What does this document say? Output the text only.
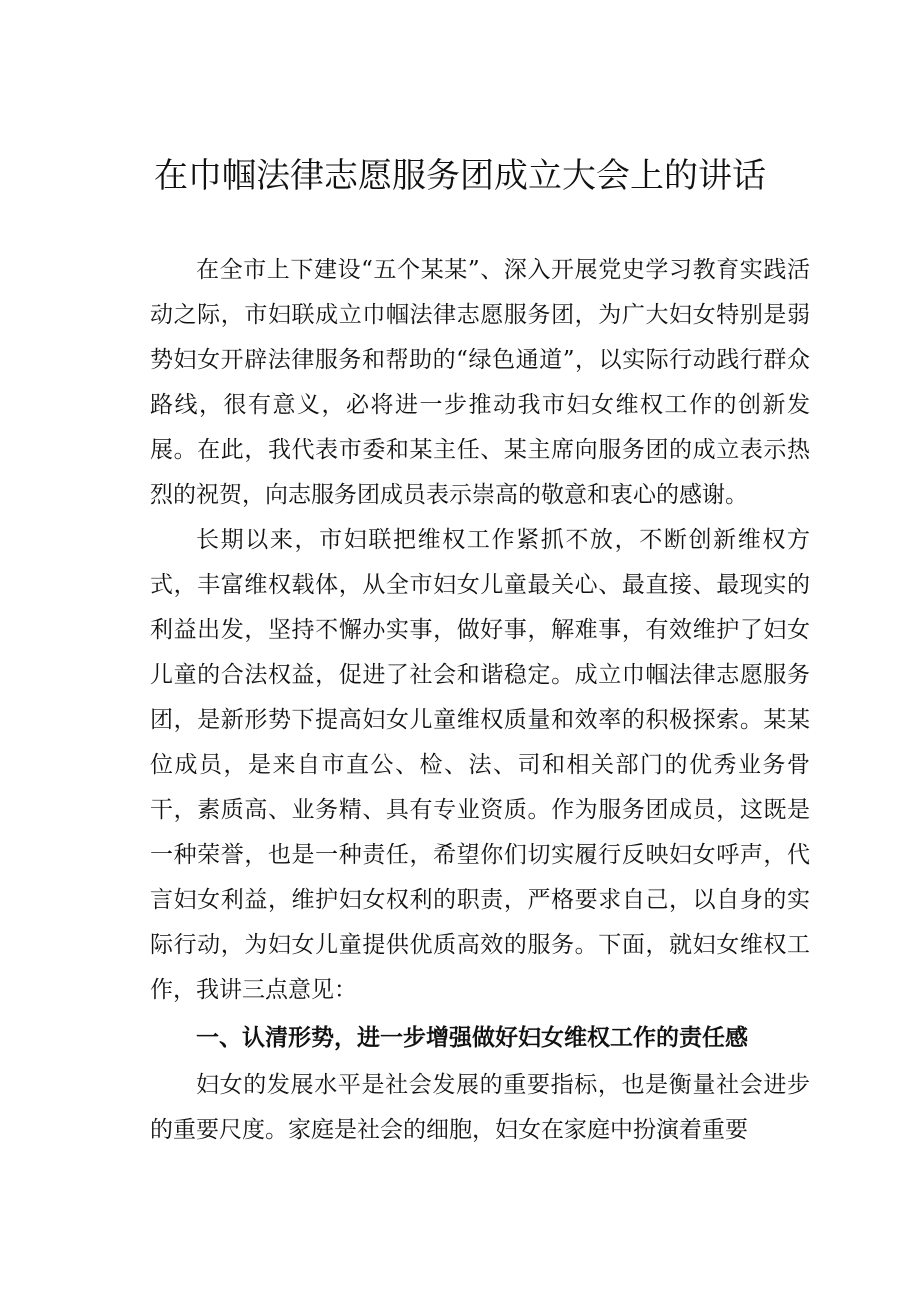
在巾帼法律志愿服务团成立大会上的讲话

在全市上下建设“五个某某”、深入开展党史学习教育实践活动之际，市妇联成立巾帼法律志愿服务团，为广大妇女特别是弱势妇女开辟法律服务和帮助的“绿色通道”，以实际行动践行群众路线，很有意义，必将进一步推动我市妇女维权工作的创新发展。在此，我代表市委和某主任、某主席向服务团的成立表示热烈的祝贺，向志服务团成员表示崇高的敬意和衷心的感谢。

长期以来，市妇联把维权工作紧抓不放，不断创新维权方式，丰富维权载体，从全市妇女儿童最关心、最直接、最现实的利益出发，坚持不懈办实事，做好事，解难事，有效维护了妇女儿童的合法权益，促进了社会和谐稳定。成立巾帼法律志愿服务团，是新形势下提高妇女儿童维权质量和效率的积极探索。某某位成员，是来自市直公、检、法、司和相关部门的优秀业务骨干，素质高、业务精、具有专业资质。作为服务团成员，这既是一种荣誉，也是一种责任，希望你们切实履行反映妇女呼声，代言妇女利益，维护妇女权利的职责，严格要求自己，以自身的实际行动，为妇女儿童提供优质高效的服务。下面，就妇女维权工作，我讲三点意见：

一、认清形势，进一步增强做好妇女维权工作的责任感

妇女的发展水平是社会发展的重要指标，也是衡量社会进步的重要尺度。家庭是社会的细胞，妇女在家庭中扮演着重要
